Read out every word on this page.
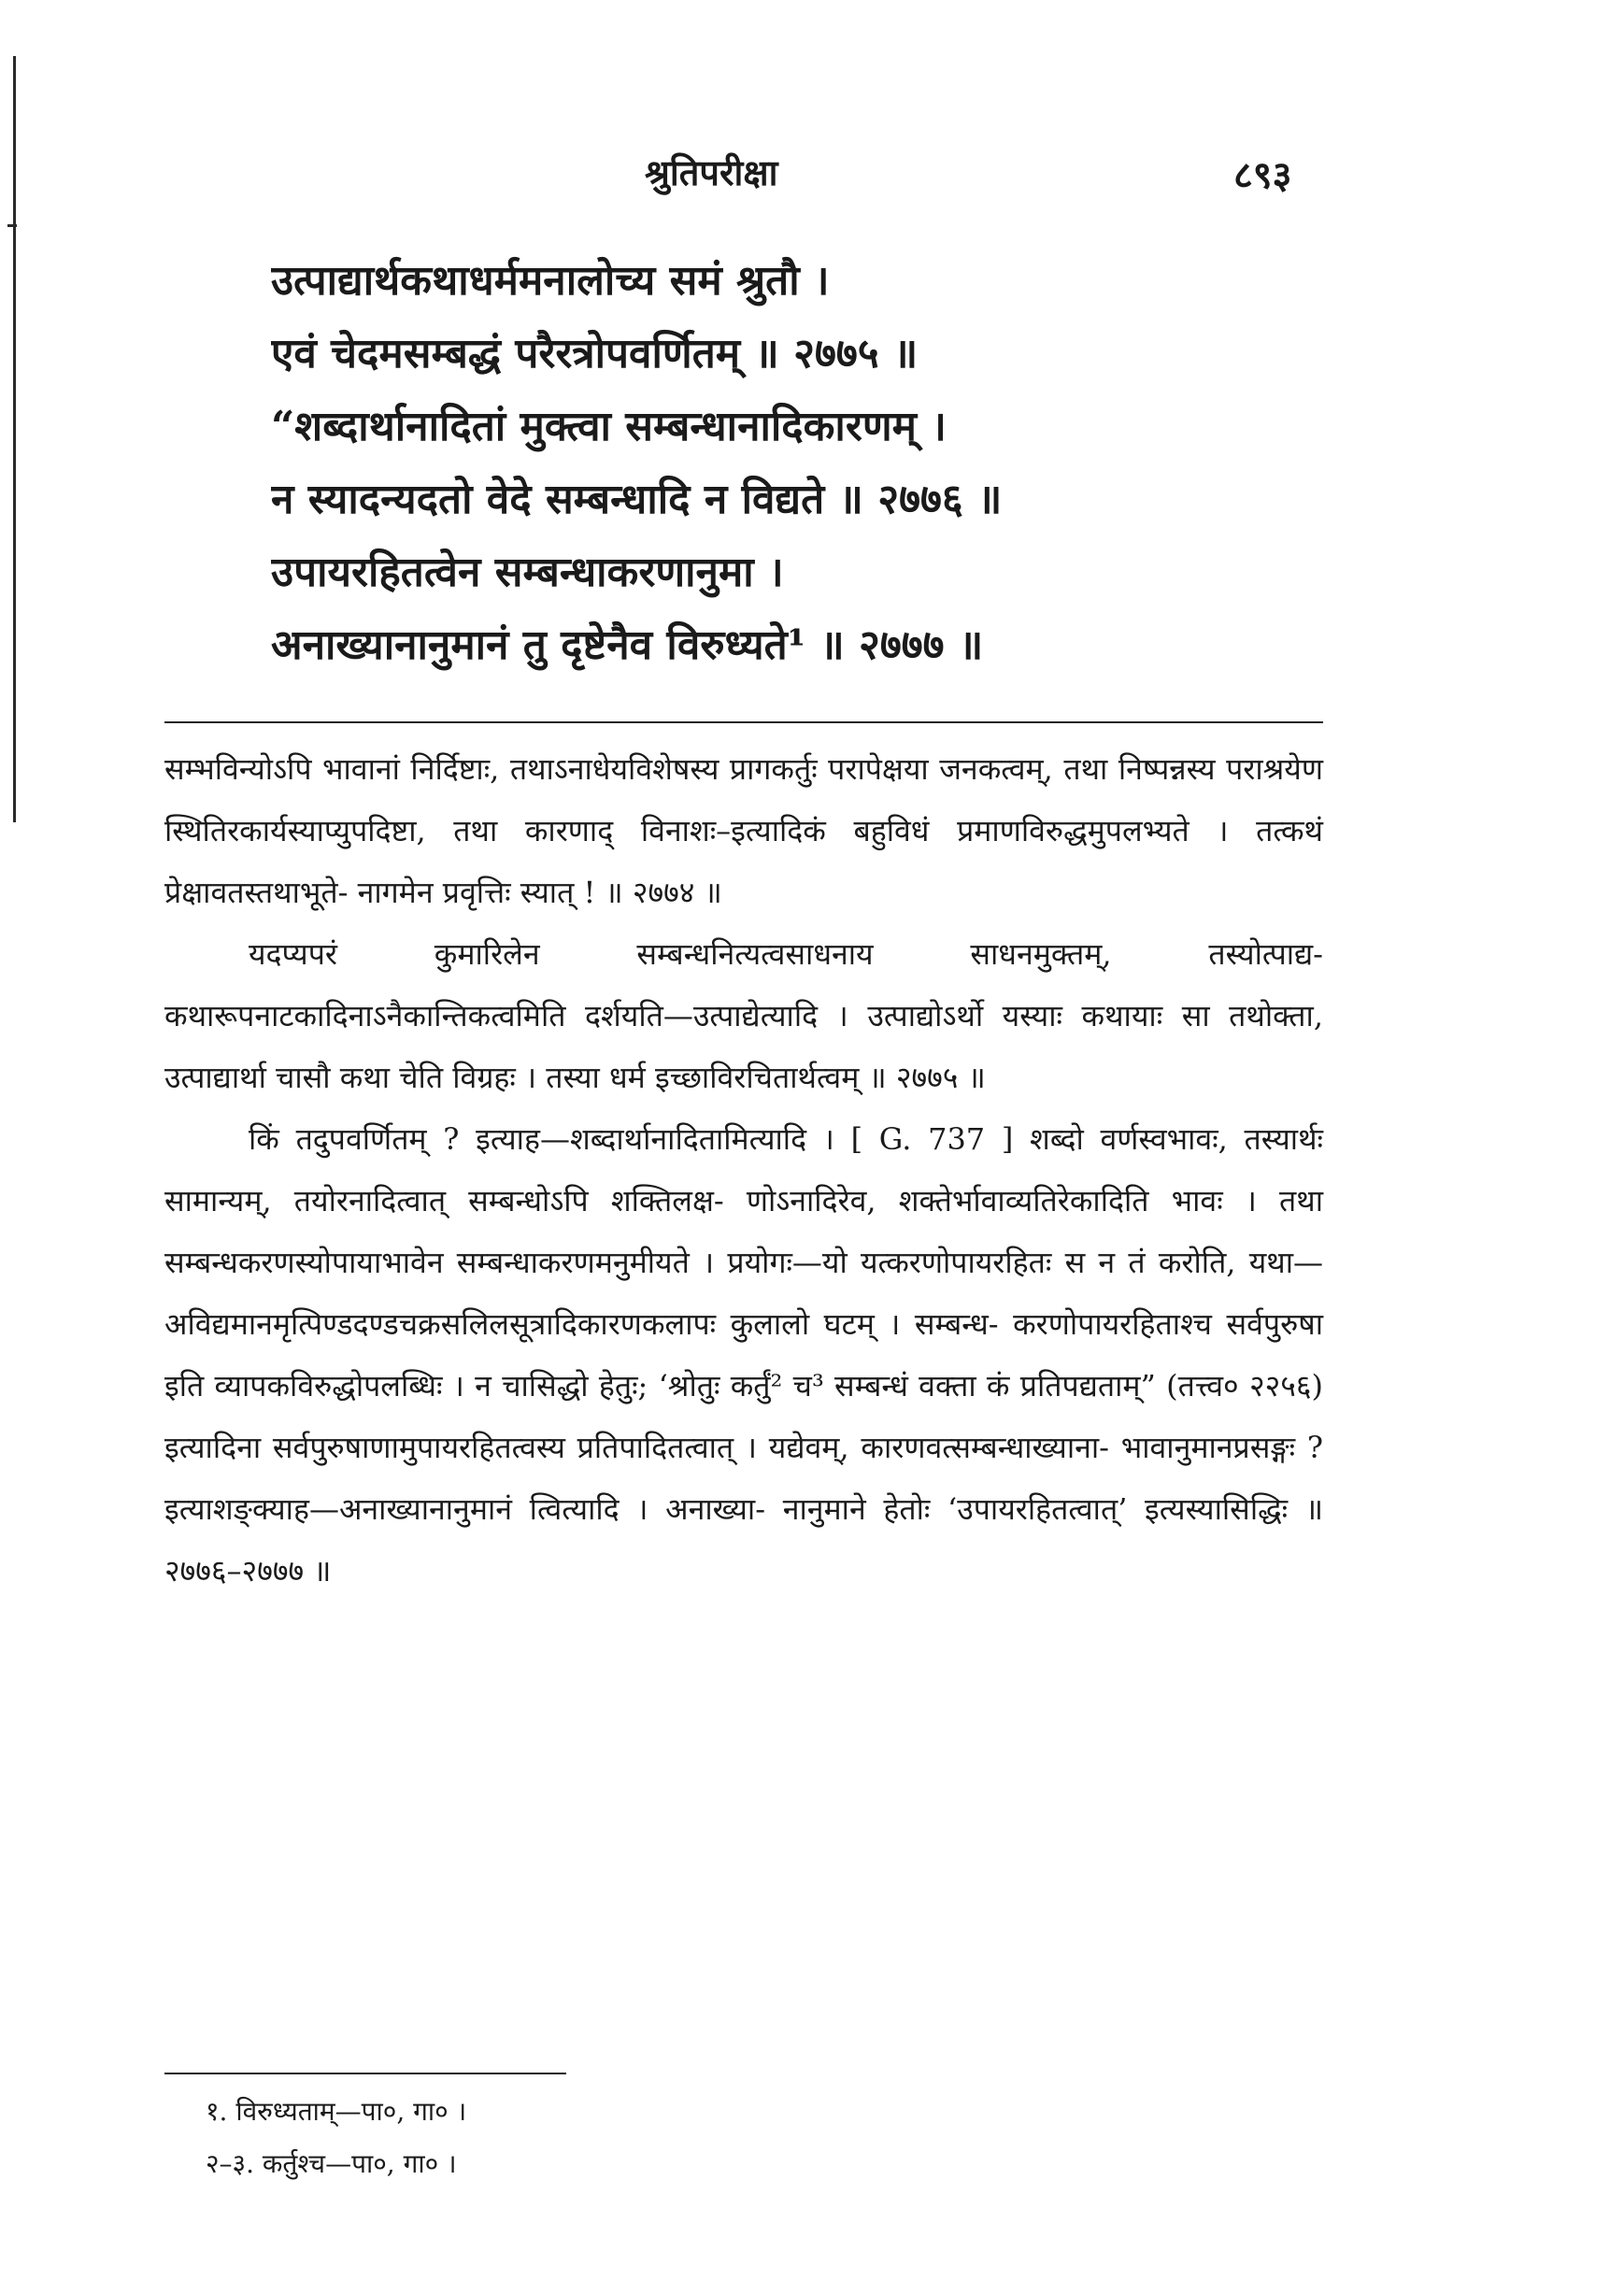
श्रुतिपरीक्षा	८९३
उत्पाद्यार्थकथाधर्ममनालोच्य समं श्रुतौ ।
एवं चेदमसम्बद्धं परैरत्रोपवर्णितम् ॥ २७७५ ॥
“शब्दार्थानादितां मुक्त्वा सम्बन्धानादिकारणम् ।
न स्यादन्यदतो वेदे सम्बन्धादि न विद्यते ॥ २७७६ ॥
उपायरहितत्वेन सम्बन्धाकरणानुमा ।
अनाख्यानानुमानं तु दृष्टेनैव विरुध्यते¹ ॥ २७७७ ॥

सम्भविन्योऽपि भावानां निर्दिष्टाः, तथाऽनाधेयविशेषस्य प्रागकर्तुः परापेक्षया जनकत्वम्, तथा निष्पन्नस्य पराश्रयेण स्थितिरकार्यस्याप्युपदिष्टा, तथा कारणाद् विनाशः–इत्यादिकं बहुविधं प्रमाणविरुद्धमुपलभ्यते । तत्कथं प्रेक्षावतस्तथाभूते- नागमेन प्रवृत्तिः स्यात् ! ॥ २७७४ ॥

यदप्यपरं कुमारिलेन सम्बन्धनित्यत्वसाधनाय साधनमुक्तम्, तस्योत्पाद्य- कथारूपनाटकादिनाऽनैकान्तिकत्वमिति दर्शयति—उत्पाद्येत्यादि । उत्पाद्योऽर्थो यस्याः कथायाः सा तथोक्ता, उत्पाद्यार्था चासौ कथा चेति विग्रहः । तस्या धर्म इच्छाविरचितार्थत्वम् ॥ २७७५ ॥

किं तदुपवर्णितम् ? इत्याह—शब्दार्थानादितामित्यादि । [ G. 737 ] शब्दो वर्णस्वभावः, तस्यार्थः सामान्यम्, तयोरनादित्वात् सम्बन्धोऽपि शक्तिलक्ष- णोऽनादिरेव, शक्तेर्भावाव्यतिरेकादिति भावः । तथा सम्बन्धकरणस्योपायाभावेन सम्बन्धाकरणमनुमीयते । प्रयोगः—यो यत्करणोपायरहितः स न तं करोति, यथा— अविद्यमानमृत्पिण्डदण्डचक्रसलिलसूत्रादिकारणकलापः कुलालो घटम् । सम्बन्ध- करणोपायरहिताश्च सर्वपुरुषा इति व्यापकविरुद्धोपलब्धिः । न चासिद्धो हेतुः; ‘श्रोतुः कर्तुं² च³ सम्बन्धं वक्ता कं प्रतिपद्यताम्” (तत्त्व० २२५६) इत्यादिना सर्वपुरुषाणामुपायरहितत्वस्य प्रतिपादितत्वात् । यद्येवम्, कारणवत्सम्बन्धाख्याना- भावानुमानप्रसङ्गः ? इत्याशङ्क्याह—अनाख्यानानुमानं त्वित्यादि । अनाख्या- नानुमाने हेतोः ‘उपायरहितत्वात्’ इत्यस्यासिद्धिः ॥ २७७६–२७७७ ॥

१. विरुध्यताम्—पा०, गा० ।
२–३. कर्तुश्च—पा०, गा० ।
